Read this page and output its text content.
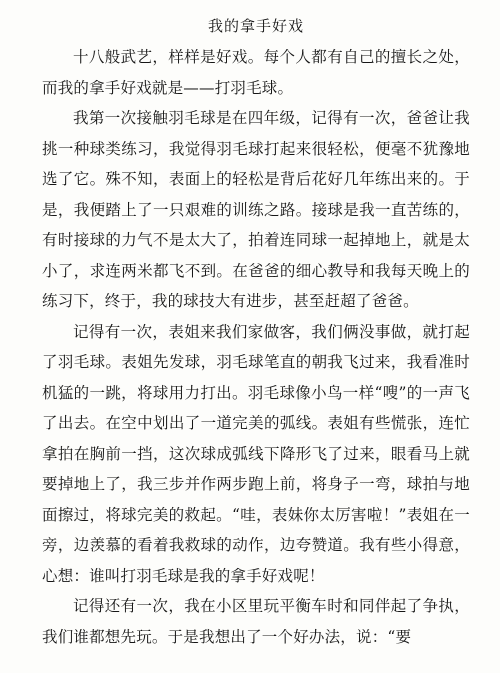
我的拿手好戏

十八般武艺，样样是好戏。每个人都有自己的擅长之处，而我的拿手好戏就是——打羽毛球。

我第一次接触羽毛球是在四年级，记得有一次，爸爸让我挑一种球类练习，我觉得羽毛球打起来很轻松，便毫不犹豫地选了它。殊不知，表面上的轻松是背后花好几年练出来的。于是，我便踏上了一只艰难的训练之路。接球是我一直苦练的，有时接球的力气不是太大了，拍着连同球一起掉地上，就是太小了，求连两米都飞不到。在爸爸的细心教导和我每天晚上的练习下，终于，我的球技大有进步，甚至赶超了爸爸。

记得有一次，表姐来我们家做客，我们俩没事做，就打起了羽毛球。表姐先发球，羽毛球笔直的朝我飞过来，我看准时机猛的一跳，将球用力打出。羽毛球像小鸟一样“嗖”的一声飞了出去。在空中划出了一道完美的弧线。表姐有些慌张，连忙拿拍在胸前一挡，这次球成弧线下降形飞了过来，眼看马上就要掉地上了，我三步并作两步跑上前，将身子一弯，球拍与地面擦过，将球完美的救起。“哇，表妹你太厉害啦！”表姐在一旁，边羡慕的看着我救球的动作，边夸赞道。我有些小得意，心想：谁叫打羽毛球是我的拿手好戏呢！

记得还有一次，我在小区里玩平衡车时和同伴起了争执，我们谁都想先玩。于是我想出了一个好办法，说：“要
